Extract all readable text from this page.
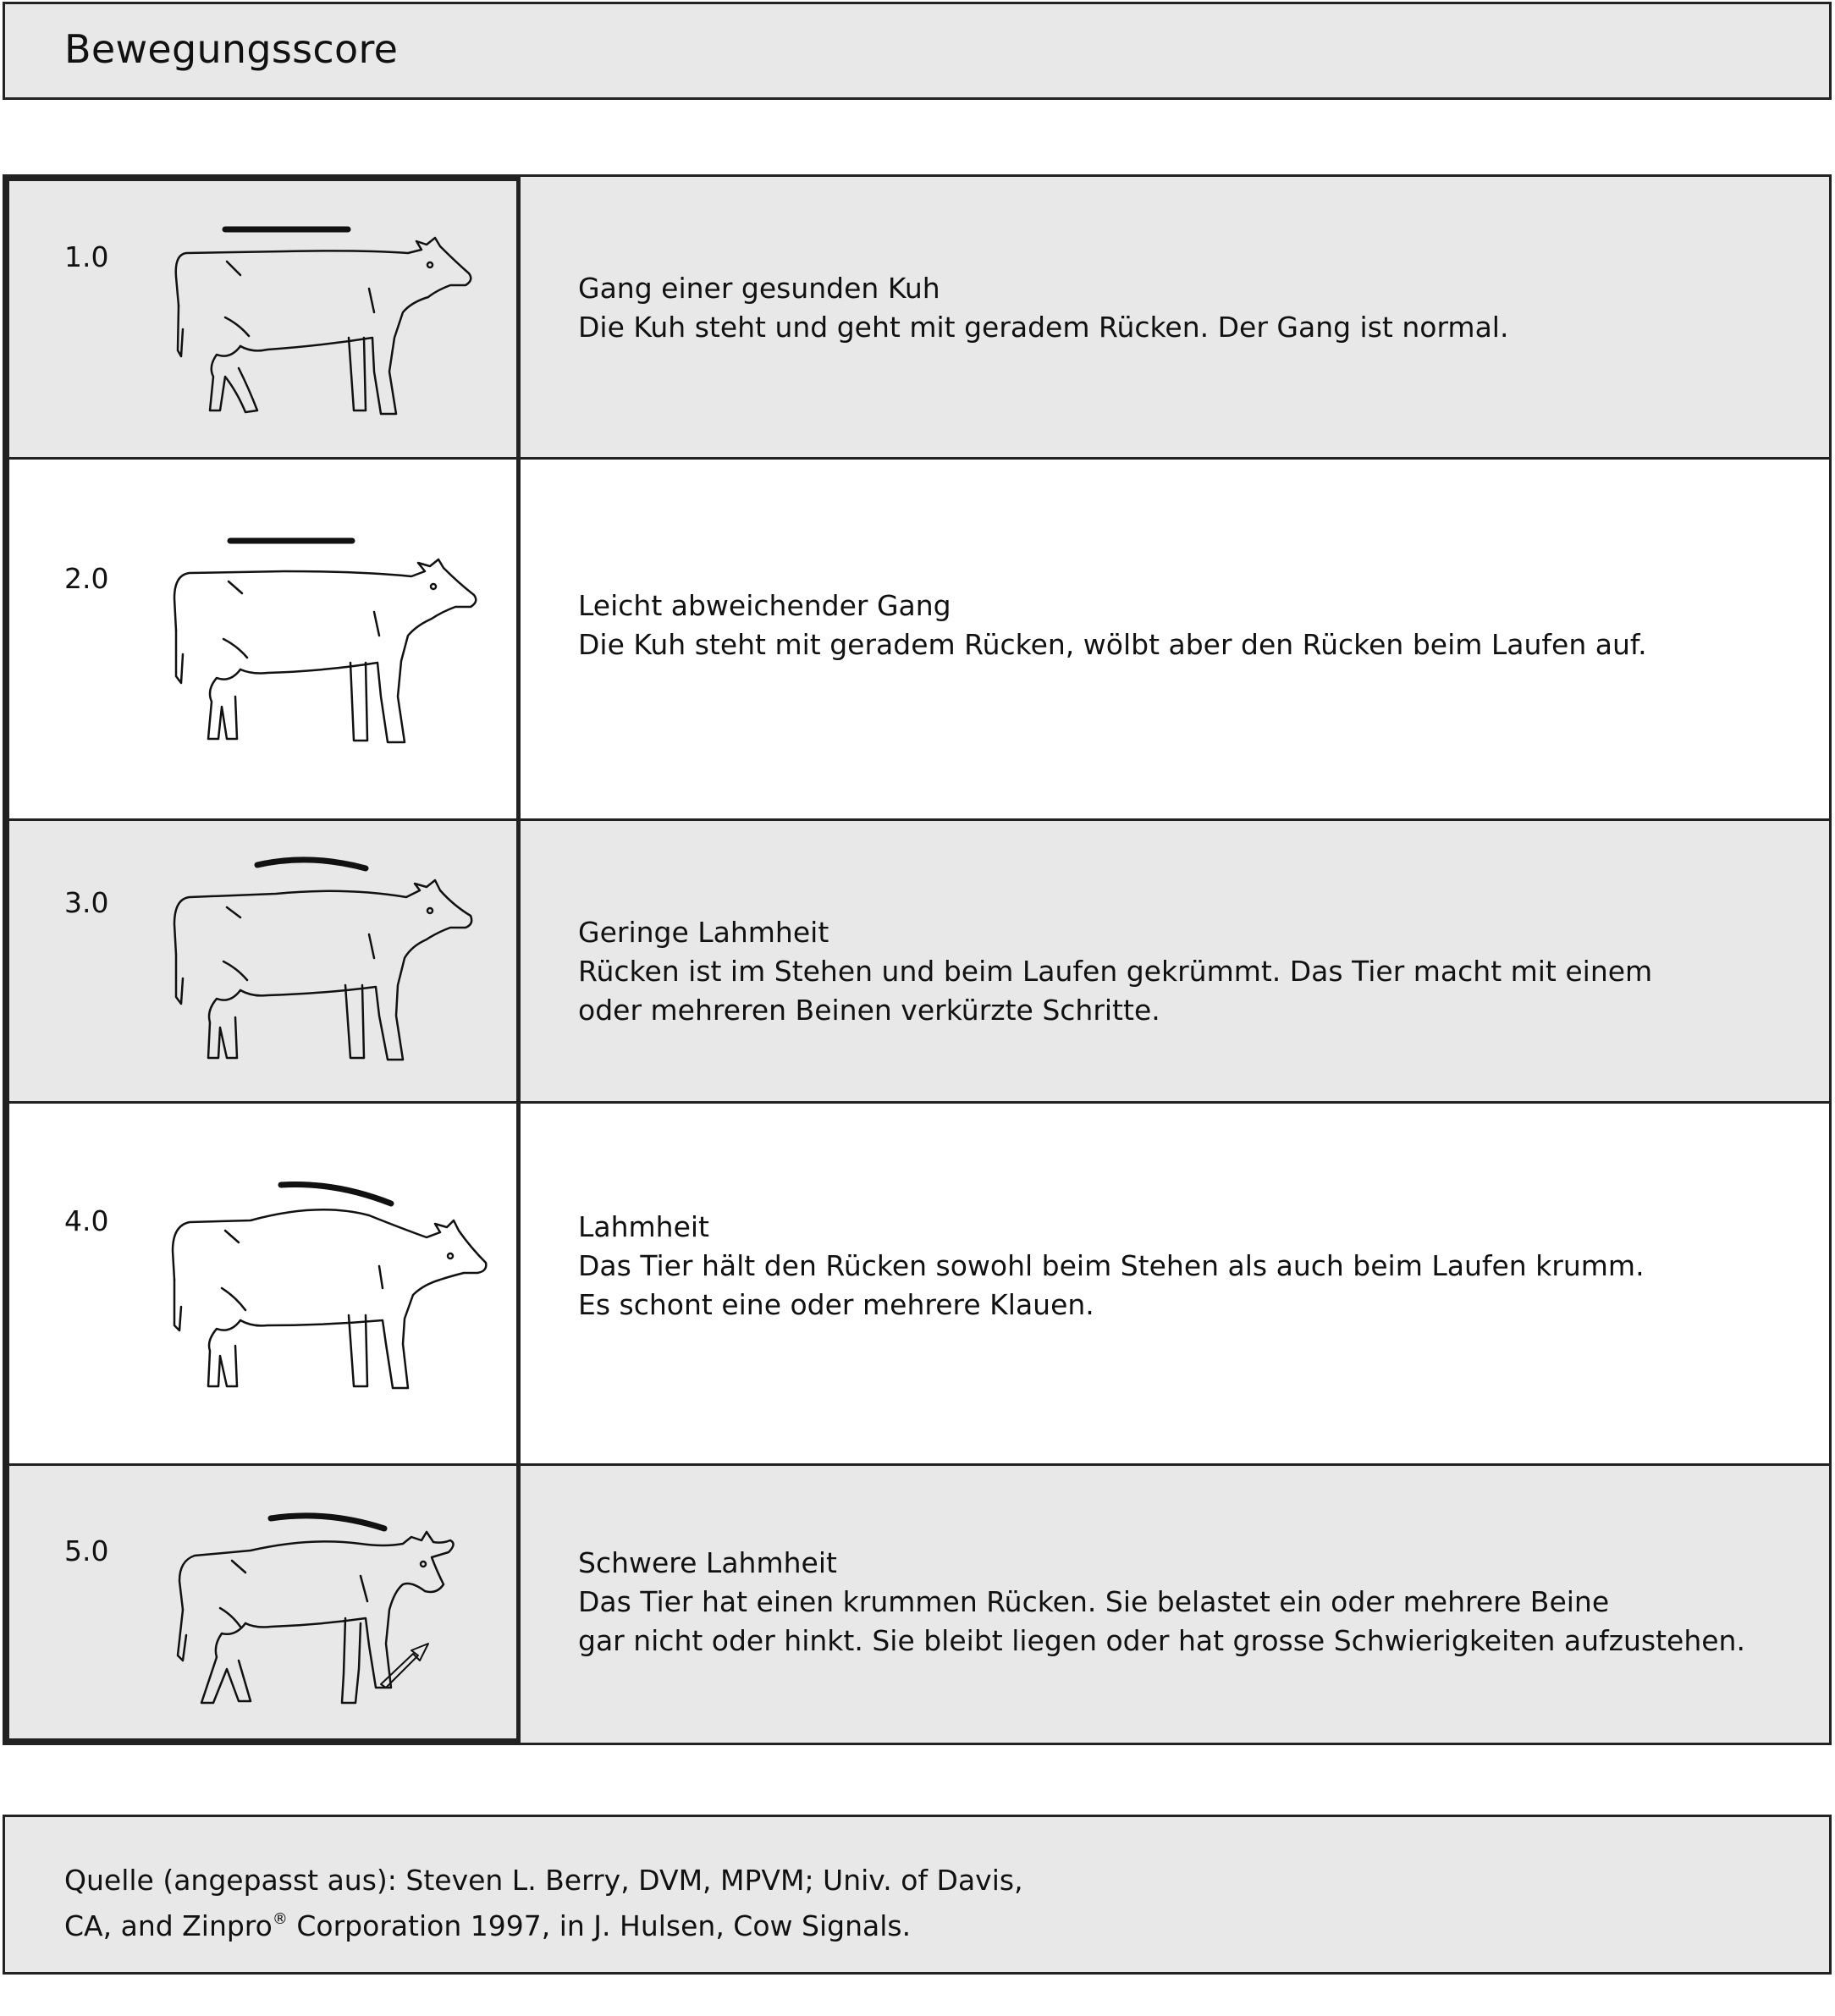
Bewegungsscore
1.0
Gang einer gesunden Kuh
Die Kuh steht und geht mit geradem Rücken. Der Gang ist normal.
2.0
Leicht abweichender Gang
Die Kuh steht mit geradem Rücken, wölbt aber den Rücken beim Laufen auf.
3.0
Geringe Lahmheit
Rücken ist im Stehen und beim Laufen gekrümmt. Das Tier macht mit einem
oder mehreren Beinen verkürzte Schritte.
4.0	Lahmheit
Das Tier hält den Rücken sowohl beim Stehen als auch beim Laufen krumm.
Es schont eine oder mehrere Klauen.
5.0	Schwere Lahmheit
Das Tier hat einen krummen Rücken. Sie belastet ein oder mehrere Beine
gar nicht oder hinkt. Sie bleibt liegen oder hat grosse Schwierigkeiten aufzustehen.
Quelle (angepasst aus): Steven L. Berry, DVM, MPVM; Univ. of Davis,
CA, and Zinpro® Corporation 1997, in J. Hulsen, Cow Signals.
